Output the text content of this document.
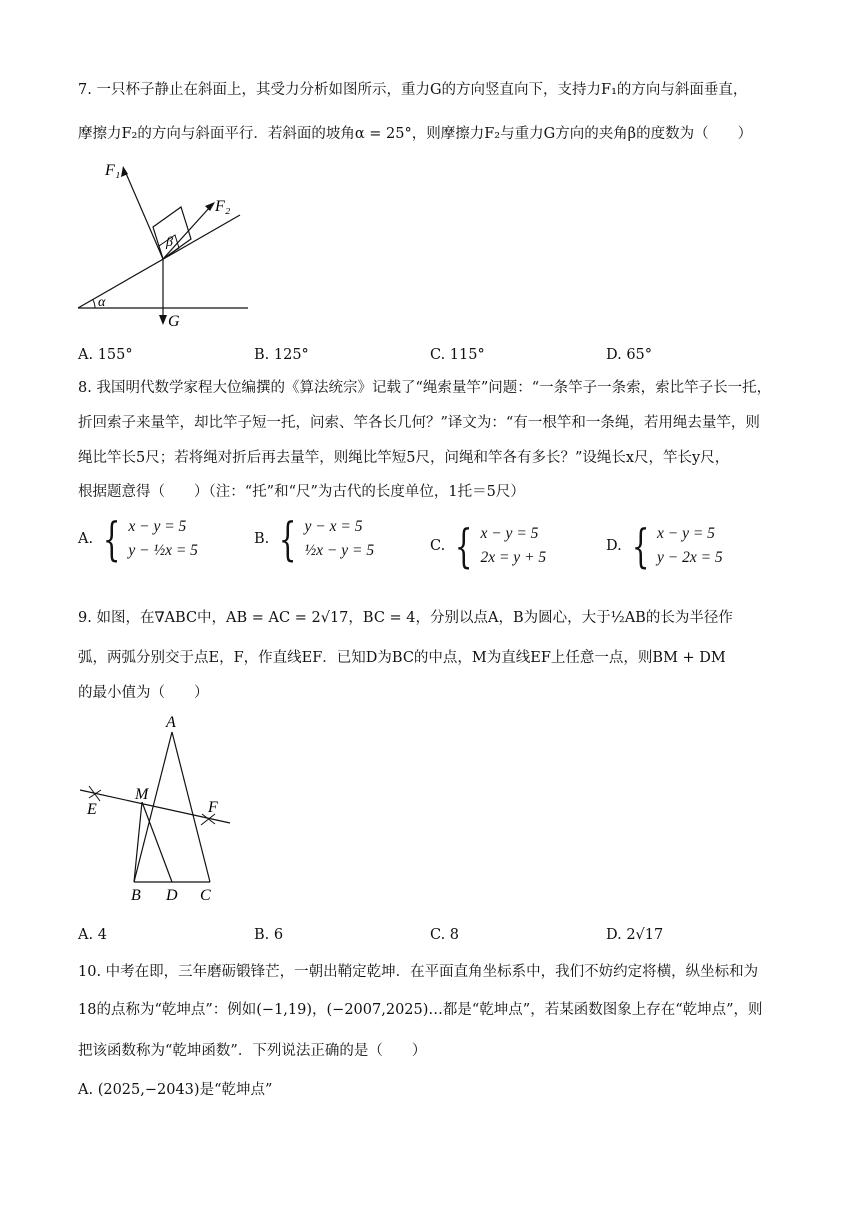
7. 一只杯子静止在斜面上，其受力分析如图所示，重力G的方向竖直向下，支持力F₁的方向与斜面垂直，
摩擦力F₂的方向与斜面平行．若斜面的坡角α = 25°，则摩擦力F₂与重力G方向的夹角β的度数为（　　）
F₁
F₂
β
α
G
A. 155°	B. 125°	C. 115°	D. 65°
8. 我国明代数学家程大位编撰的《算法统宗》记载了“绳索量竿”问题：“一条竿子一条索，索比竿子长一托，
折回索子来量竿，却比竿子短一托，问索、竿各长几何？”译文为：“有一根竿和一条绳，若用绳去量竿，则
绳比竿长5尺；若将绳对折后再去量竿，则绳比竿短5尺，问绳和竿各有多长？”设绳长x尺，竿长y尺，
根据题意得（　　）（注：“托”和“尺”为古代的长度单位，1托＝5尺）
A. { x − y = 5
y − ½x = 5
B. { y − x = 5
½x − y = 5	C. { x − y = 5
2x = y + 5
D. { x − y = 5
y − 2x = 5
9. 如图，在∇ABC中，AB = AC = 2√17，BC = 4，分别以点A，B为圆心，大于½AB的长为半径作
弧，两弧分别交于点E，F，作直线EF．已知D为BC的中点，M为直线EF上任意一点，则BM + DM
的最小值为（　　）
A
E
M
F
B D C
A. 4	B. 6	C. 8	D. 2√17
10. 中考在即，三年磨砺锻锋芒，一朝出鞘定乾坤．在平面直角坐标系中，我们不妨约定将横，纵坐标和为
18的点称为“乾坤点”：例如(−1,19)，(−2007,2025)…都是“乾坤点”，若某函数图象上存在“乾坤点”，则
把该函数称为“乾坤函数”．下列说法正确的是（　　）
A. (2025,−2043)是“乾坤点”
